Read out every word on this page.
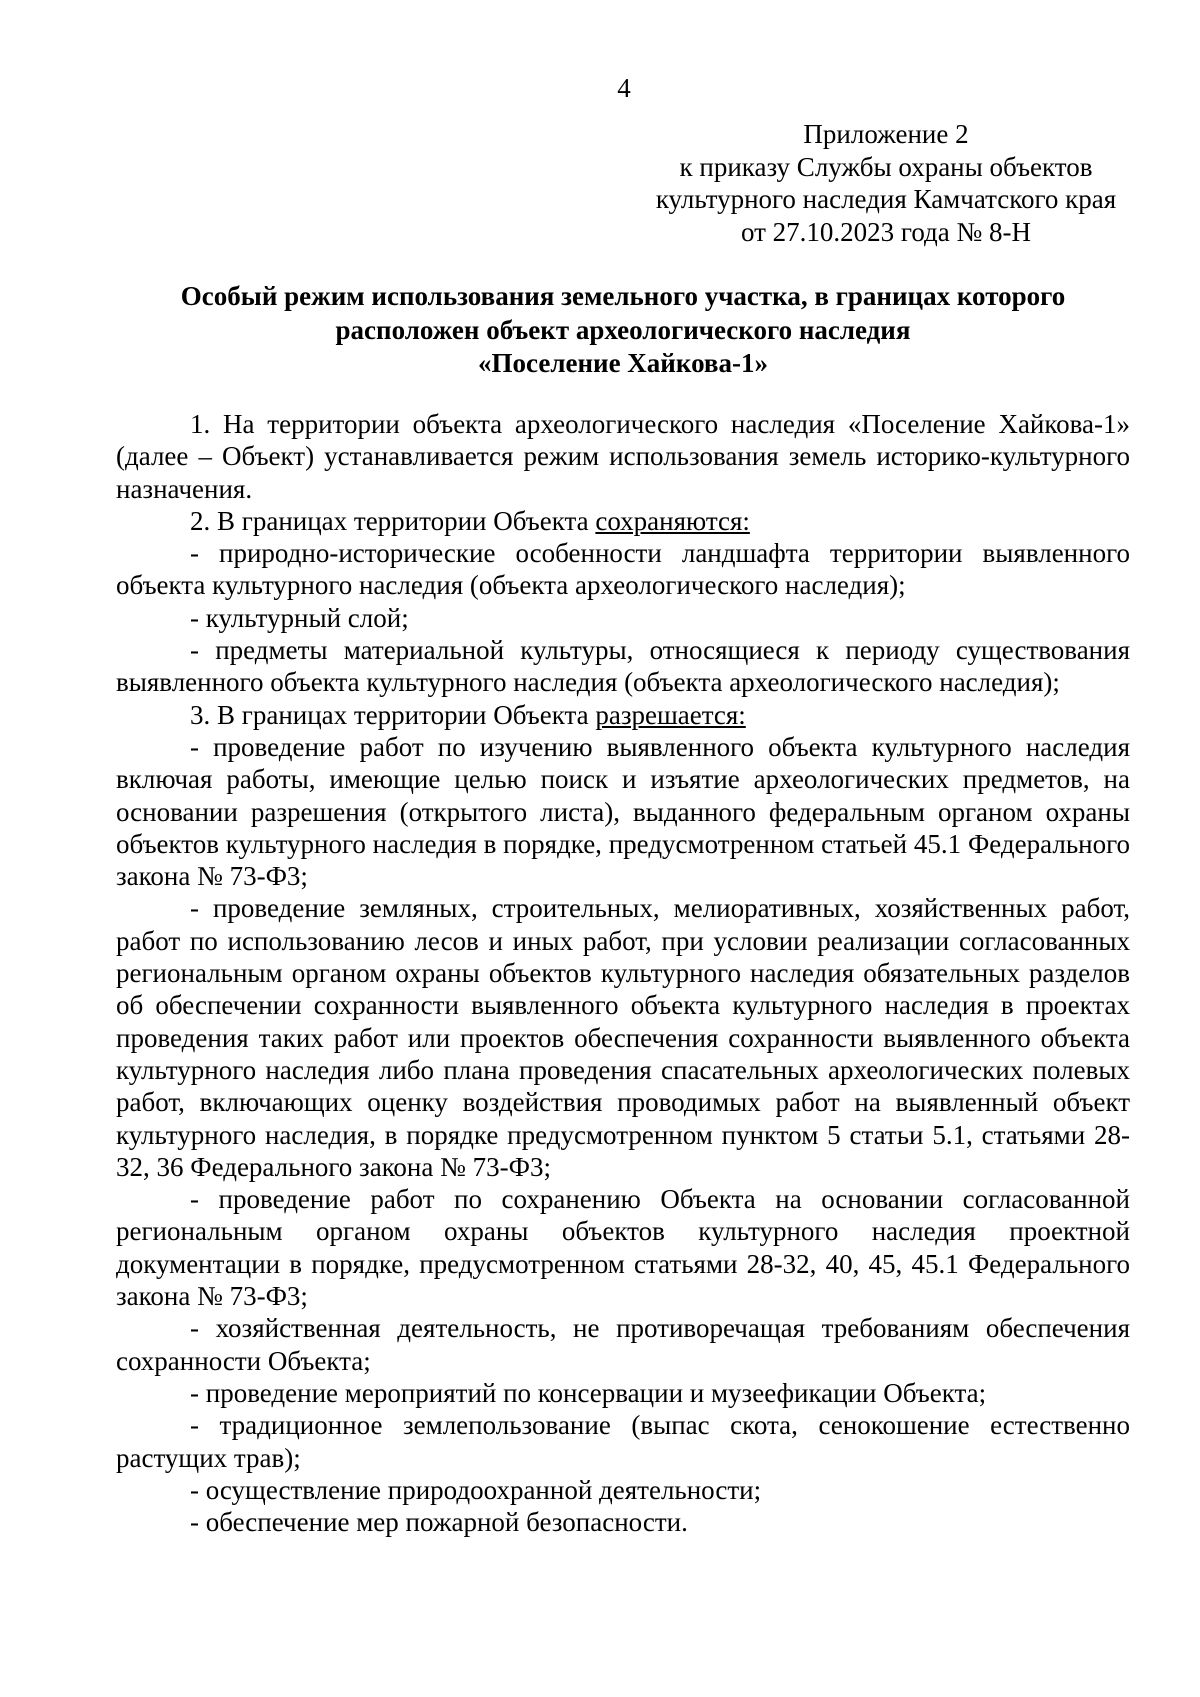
4
Приложение 2
к приказу Службы охраны объектов
культурного наследия Камчатского края
от 27.10.2023 года № 8-Н
Особый режим использования земельного участка, в границах которого
расположен объект археологического наследия
«Поселение Хайкова-1»

1. На территории объекта археологического наследия «Поселение Хайкова-1» (далее – Объект) устанавливается режим использования земель историко-культурного назначения.

2. В границах территории Объекта сохраняются:

- природно-исторические особенности ландшафта территории выявленного объекта культурного наследия (объекта археологического наследия);

- культурный слой;

- предметы материальной культуры, относящиеся к периоду существования выявленного объекта культурного наследия (объекта археологического наследия);

3. В границах территории Объекта разрешается:

- проведение работ по изучению выявленного объекта культурного наследия включая работы, имеющие целью поиск и изъятие археологических предметов, на основании разрешения (открытого листа), выданного федеральным органом охраны объектов культурного наследия в порядке, предусмотренном статьей 45.1 Федерального закона № 73-Ф3;

- проведение земляных, строительных, мелиоративных, хозяйственных работ, работ по использованию лесов и иных работ, при условии реализации согласованных региональным органом охраны объектов культурного наследия обязательных разделов об обеспечении сохранности выявленного объекта культурного наследия в проектах проведения таких работ или проектов обеспечения сохранности выявленного объекта культурного наследия либо плана проведения спасательных археологических полевых работ, включающих оценку воздействия проводимых работ на выявленный объект культурного наследия, в порядке предусмотренном пунктом 5 статьи 5.1, статьями 28-32, 36 Федерального закона № 73-Ф3;

- проведение работ по сохранению Объекта на основании согласованной региональным органом охраны объектов культурного наследия проектной документации в порядке, предусмотренном статьями 28-32, 40, 45, 45.1 Федерального закона № 73-Ф3;

- хозяйственная деятельность, не противоречащая требованиям обеспечения сохранности Объекта;

- проведение мероприятий по консервации и музеефикации Объекта;

- традиционное землепользование (выпас скота, сенокошение естественно растущих трав);

- осуществление природоохранной деятельности;

- обеспечение мер пожарной безопасности.
